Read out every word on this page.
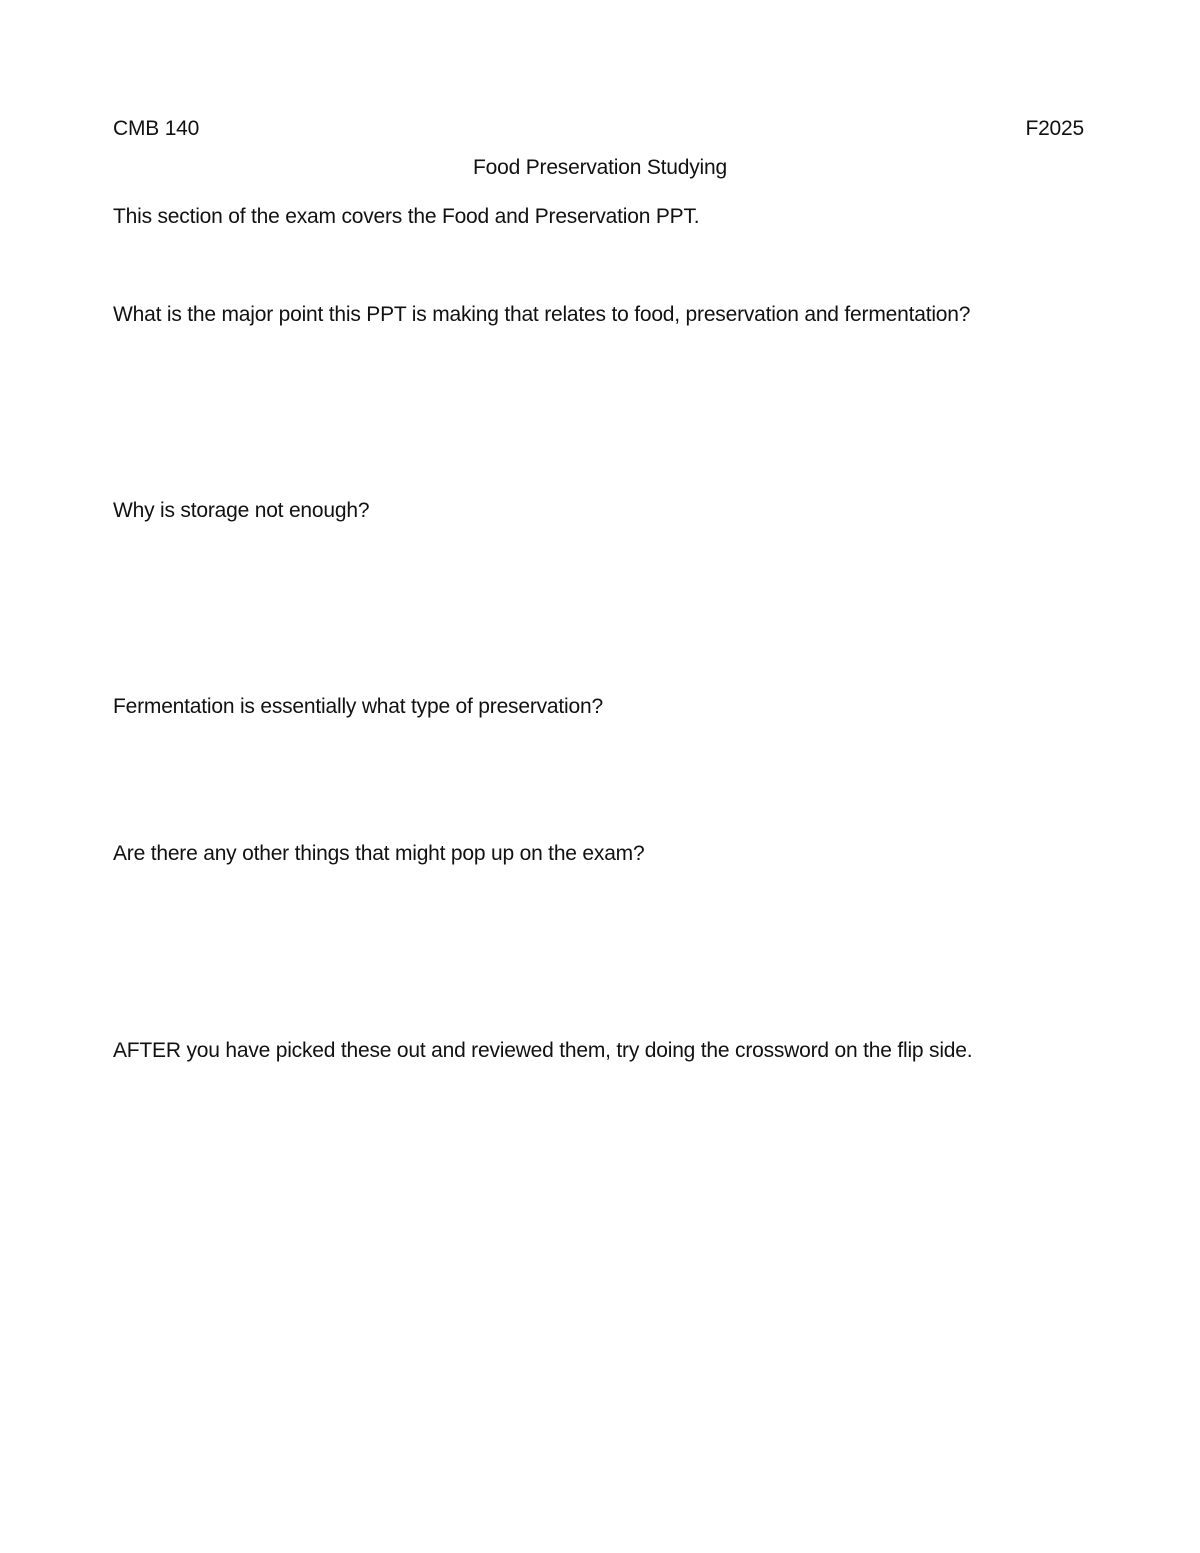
CMB 140	F2025
Food Preservation Studying
This section of the exam covers the Food and Preservation PPT.
What is the major point this PPT is making that relates to food, preservation and fermentation?
Why is storage not enough?
Fermentation is essentially what type of preservation?
Are there any other things that might pop up on the exam?
AFTER you have picked these out and reviewed them, try doing the crossword on the flip side.
